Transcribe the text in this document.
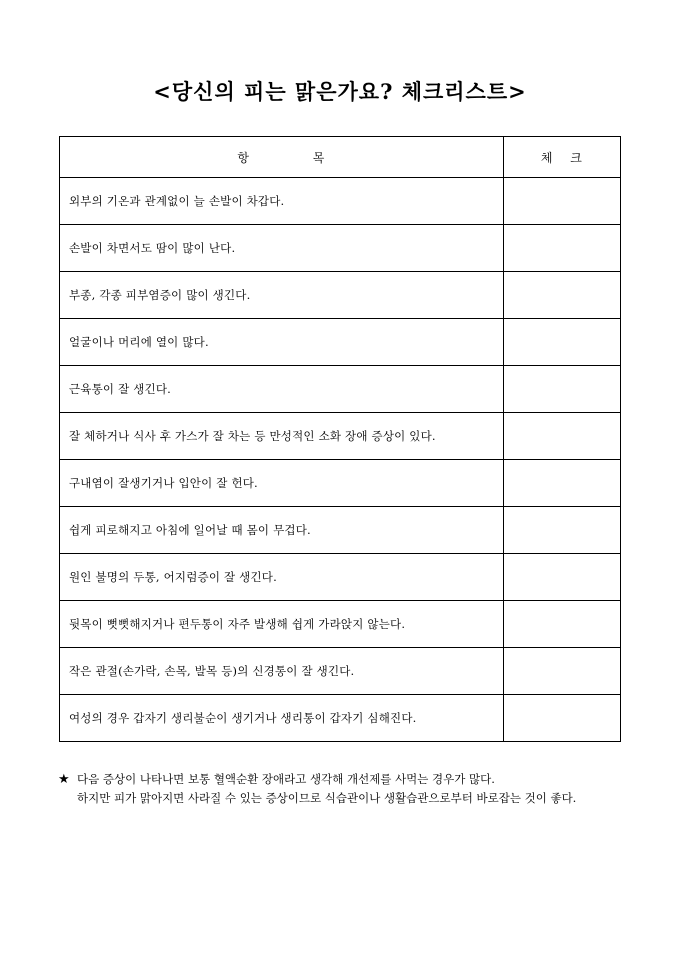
<당신의 피는 맑은가요? 체크리스트>
항 목	체 크
외부의 기온과 관계없이 늘 손발이 차갑다.	
손발이 차면서도 땀이 많이 난다.	
부종, 각종 피부염증이 많이 생긴다.	
얼굴이나 머리에 열이 많다.	
근육통이 잘 생긴다.	
잘 체하거나 식사 후 가스가 잘 차는 등 만성적인 소화 장애 증상이 있다.	
구내염이 잘생기거나 입안이 잘 헌다.	
쉽게 피로해지고 아침에 일어날 때 몸이 무겁다.	
원인 불명의 두통, 어지럼증이 잘 생긴다.	
뒷목이 뻣뻣해지거나 편두통이 자주 발생해 쉽게 가라앉지 않는다.	
작은 관절(손가락, 손목, 발목 등)의 신경통이 잘 생긴다.	
여성의 경우 갑자기 생리불순이 생기거나 생리통이 갑자기 심해진다.	
★ 다음 증상이 나타나면 보통 혈액순환 장애라고 생각해 개선제를 사먹는 경우가 많다.
하지만 피가 맑아지면 사라질 수 있는 증상이므로 식습관이나 생활습관으로부터 바로잡는 것이 좋다.
